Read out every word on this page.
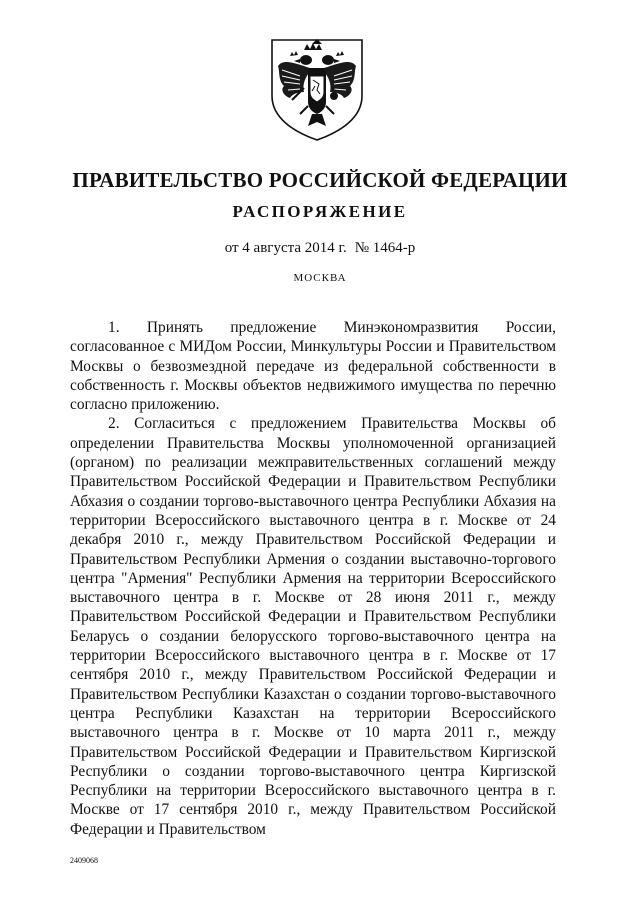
ПРАВИТЕЛЬСТВО РОССИЙСКОЙ ФЕДЕРАЦИИ
РАСПОРЯЖЕНИЕ

от 4 августа 2014 г. № 1464-р

МОСКВА

1. Принять предложение Минэкономразвития России, согласованное с МИДом России, Минкультуры России и Правительством Москвы о безвозмездной передаче из федеральной собственности в собственность г. Москвы объектов недвижимого имущества по перечню согласно приложению.

2. Согласиться с предложением Правительства Москвы об определении Правительства Москвы уполномоченной организацией (органом) по реализации межправительственных соглашений между Правительством Российской Федерации и Правительством Республики Абхазия о создании торгово-выставочного центра Республики Абхазия на территории Всероссийского выставочного центра в г. Москве от 24 декабря 2010 г., между Правительством Российской Федерации и Правительством Республики Армения о создании выставочно-торгового центра "Армения" Республики Армения на территории Всероссийского выставочного центра в г. Москве от 28 июня 2011 г., между Правительством Российской Федерации и Правительством Республики Беларусь о создании белорусского торгово-выставочного центра на территории Всероссийского выставочного центра в г. Москве от 17 сентября 2010 г., между Правительством Российской Федерации и Правительством Республики Казахстан о создании торгово-выставочного центра Республики Казахстан на территории Всероссийского выставочного центра в г. Москве от 10 марта 2011 г., между Правительством Российской Федерации и Правительством Киргизской Республики о создании торгово-выставочного центра Киргизской Республики на территории Всероссийского выставочного центра в г. Москве от 17 сентября 2010 г., между Правительством Российской Федерации и Правительством

2409068
